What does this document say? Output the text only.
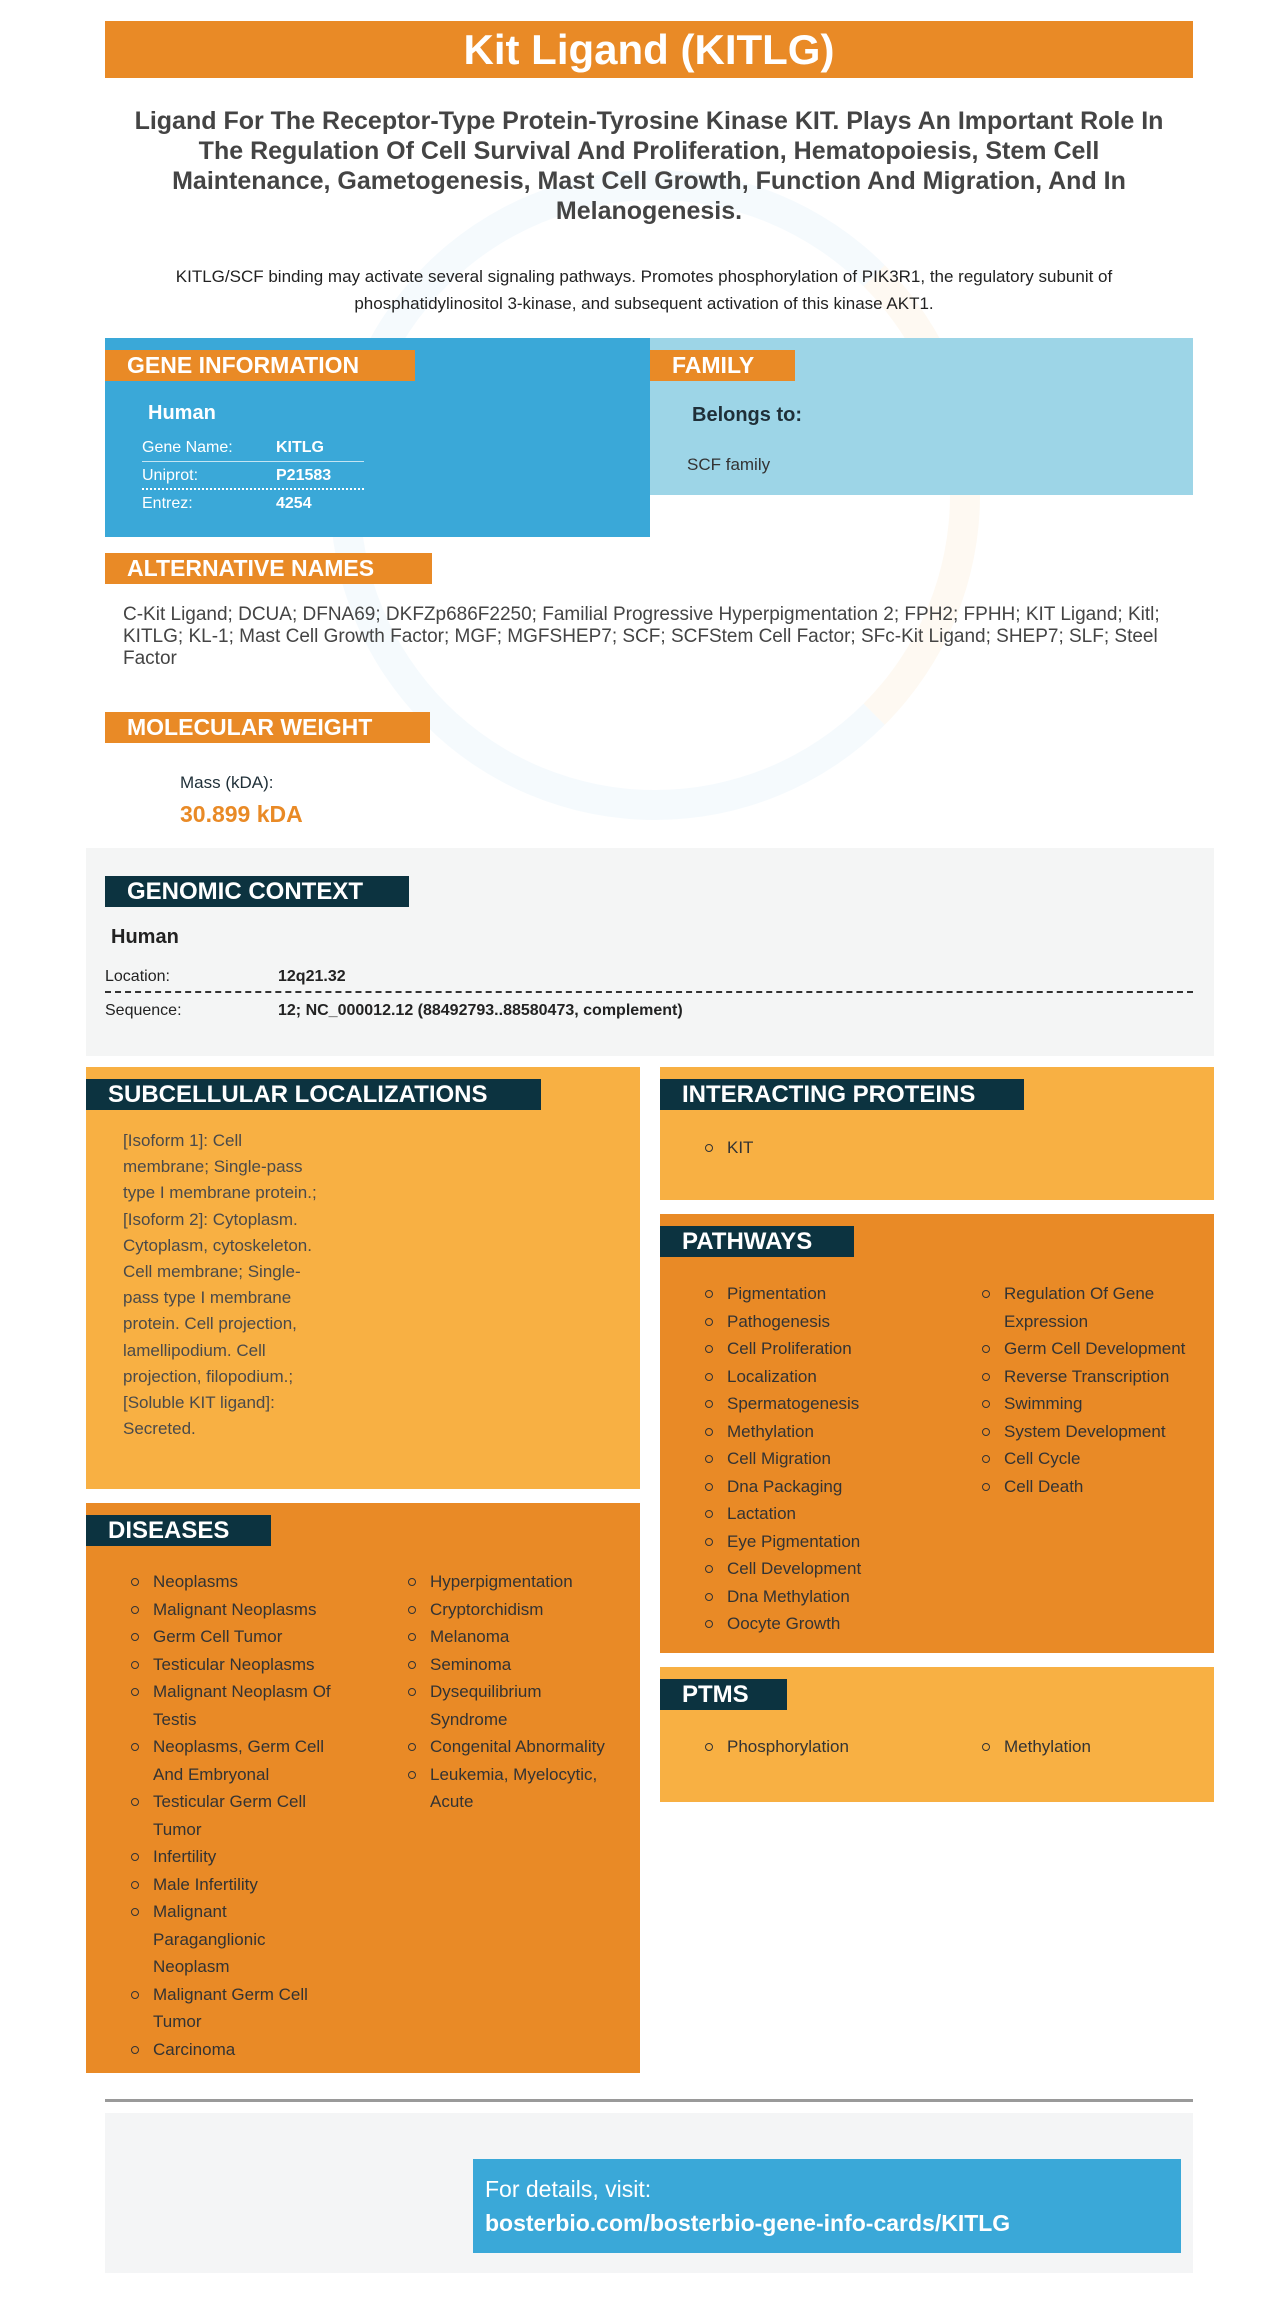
Kit Ligand (KITLG)
Ligand For The Receptor-Type Protein-Tyrosine Kinase KIT. Plays An Important Role In The Regulation Of Cell Survival And Proliferation, Hematopoiesis, Stem Cell Maintenance, Gametogenesis, Mast Cell Growth, Function And Migration, And In Melanogenesis.
KITLG/SCF binding may activate several signaling pathways. Promotes phosphorylation of PIK3R1, the regulatory subunit of phosphatidylinositol 3-kinase, and subsequent activation of this kinase AKT1.
GENE INFORMATION
Human
Gene Name:	KITLG
Uniprot:	P21583
Entrez:	4254
FAMILY
Belongs to:
SCF family
ALTERNATIVE NAMES
C-Kit Ligand; DCUA; DFNA69; DKFZp686F2250; Familial Progressive Hyperpigmentation 2; FPH2; FPHH; KIT Ligand; Kitl; KITLG; KL-1; Mast Cell Growth Factor; MGF; MGFSHEP7; SCF; SCFStem Cell Factor; SFc-Kit Ligand; SHEP7; SLF; Steel Factor
MOLECULAR WEIGHT
Mass (kDA):
30.899 kDA
GENOMIC CONTEXT
Human
Location:	12q21.32
Sequence:	12; NC_000012.12 (88492793..88580473, complement)
SUBCELLULAR LOCALIZATIONS
[Isoform 1]: Cell
membrane; Single-pass
type I membrane protein.;
[Isoform 2]: Cytoplasm.
Cytoplasm, cytoskeleton.
Cell membrane; Single-
pass type I membrane
protein. Cell projection,
lamellipodium. Cell
projection, filopodium.;
[Soluble KIT ligand]:
Secreted.
INTERACTING PROTEINS
KIT
PATHWAYS
Pigmentation
Pathogenesis
Cell Proliferation
Localization
Spermatogenesis
Methylation
Cell Migration
Dna Packaging
Lactation
Eye Pigmentation
Cell Development
Dna Methylation
Oocyte Growth
Regulation Of Gene
Expression
Germ Cell Development
Reverse Transcription
Swimming
System Development
Cell Cycle
Cell Death
PTMS
Phosphorylation	Methylation
DISEASES
Neoplasms
Malignant Neoplasms
Germ Cell Tumor
Testicular Neoplasms
Malignant Neoplasm Of
Testis
Neoplasms, Germ Cell
And Embryonal
Testicular Germ Cell
Tumor
Infertility
Male Infertility
Malignant
Paraganglionic
Neoplasm
Malignant Germ Cell
Tumor
Carcinoma
Hyperpigmentation
Cryptorchidism
Melanoma
Seminoma
Dysequilibrium
Syndrome
Congenital Abnormality
Leukemia, Myelocytic,
Acute
For details, visit:
bosterbio.com/bosterbio-gene-info-cards/KITLG
